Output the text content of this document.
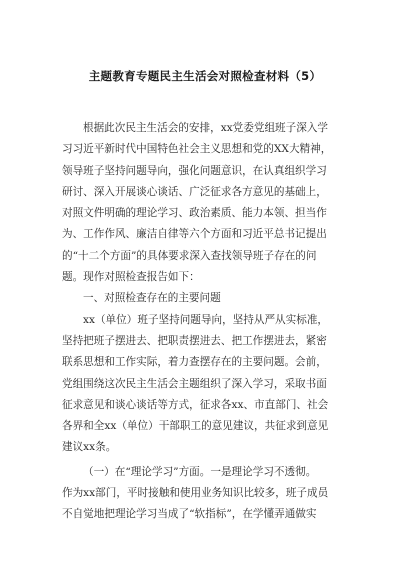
主题教育专题民主生活会对照检查材料（5）
根据此次民主生活会的安排，xx党委党组班子深入学
习习近平新时代中国特色社会主义思想和党的XX大精神，
领导班子坚持问题导向，强化问题意识，在认真组织学习
研讨、深入开展谈心谈话、广泛征求各方意见的基础上，
对照文件明确的理论学习、政治素质、能力本领、担当作
为、工作作风、廉洁自律等六个方面和习近平总书记提出
的“十二个方面”的具体要求深入查找领导班子存在的问
题。现作对照检查报告如下：
一、对照检查存在的主要问题
xx（单位）班子坚持问题导向，坚持从严从实标准，
坚持把班子摆进去、把职责摆进去、把工作摆进去，紧密
联系思想和工作实际，着力查摆存在的主要问题。会前，
党组围绕这次民主生活会主题组织了深入学习，采取书面
征求意见和谈心谈话等方式，征求各xx、市直部门、社会
各界和全xx（单位）干部职工的意见建议，共征求到意见
建议xx条。
（一）在“理论学习”方面。一是理论学习不透彻。
作为xx部门，平时接触和使用业务知识比较多，班子成员
不自觉地把理论学习当成了“软指标”，在学懂弄通做实
